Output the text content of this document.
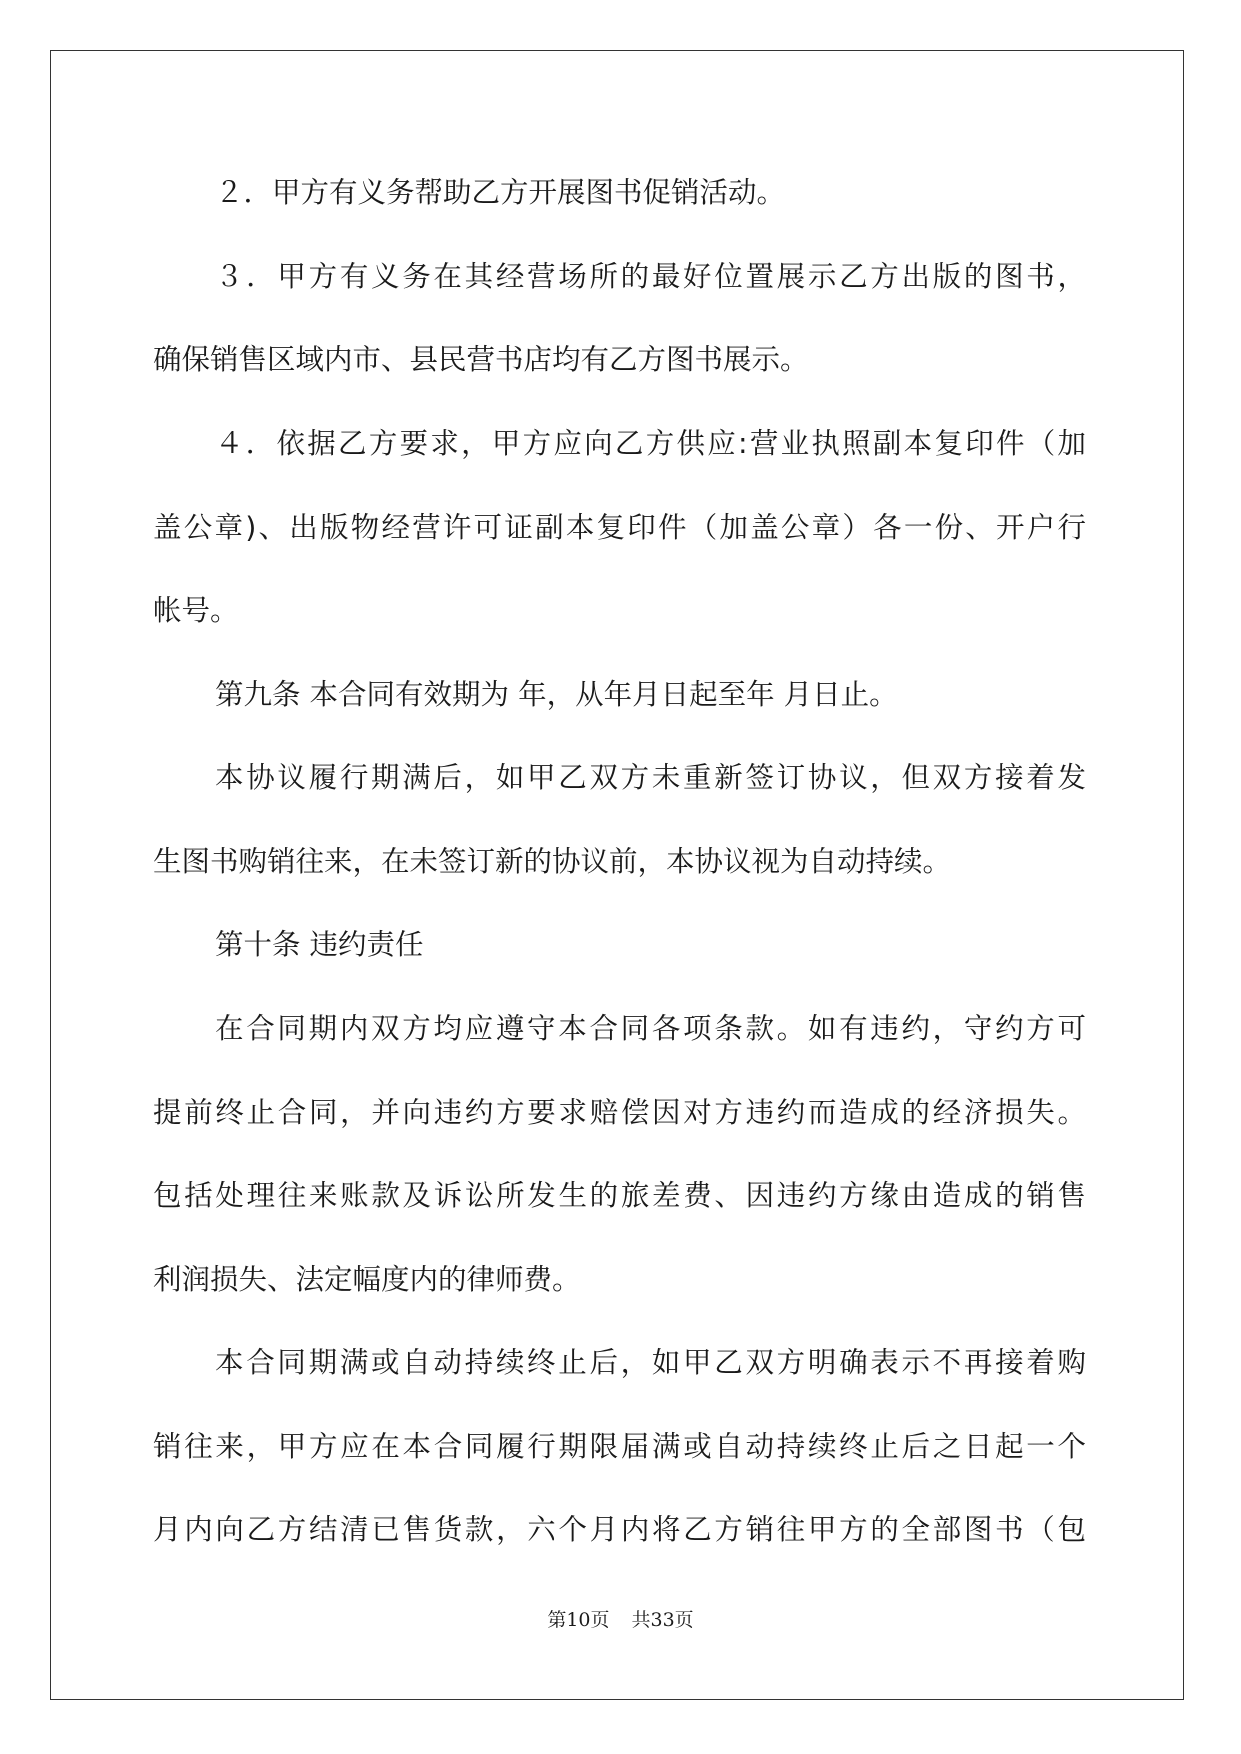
２．甲方有义务帮助乙方开展图书促销活动。
３．甲方有义务在其经营场所的最好位置展示乙方出版的图书，
确保销售区域内市、县民营书店均有乙方图书展示。
４．依据乙方要求，甲方应向乙方供应:营业执照副本复印件（加
盖公章)、出版物经营许可证副本复印件（加盖公章）各一份、开户行
帐号。
第九条 本合同有效期为 年，从年月日起至年 月日止。
本协议履行期满后，如甲乙双方未重新签订协议，但双方接着发
生图书购销往来，在未签订新的协议前，本协议视为自动持续。
第十条 违约责任
在合同期内双方均应遵守本合同各项条款。如有违约，守约方可
提前终止合同，并向违约方要求赔偿因对方违约而造成的经济损失。
包括处理往来账款及诉讼所发生的旅差费、因违约方缘由造成的销售
利润损失、法定幅度内的律师费。
本合同期满或自动持续终止后，如甲乙双方明确表示不再接着购
销往来，甲方应在本合同履行期限届满或自动持续终止后之日起一个
月内向乙方结清已售货款，六个月内将乙方销往甲方的全部图书（包
第10页 共33页
